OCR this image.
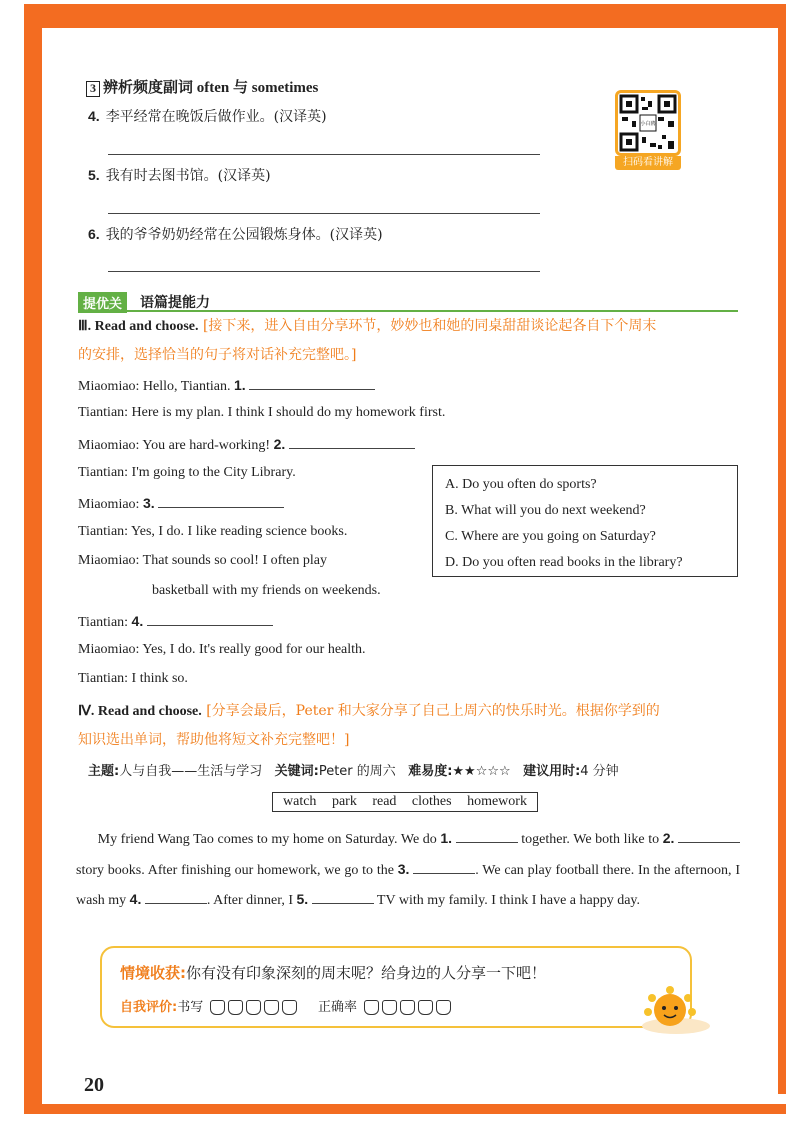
3 辨析频度副词 often 与 sometimes
4. 李平经常在晚饭后做作业。(汉译英)
5. 我有时去图书馆。(汉译英)
6. 我的爷爷奶奶经常在公园锻炼身体。(汉译英)
小白鸥
扫码看讲解
提优关	语篇提能力
Ⅲ. Read and choose. [接下来，进入自由分享环节，妙妙也和她的同桌甜甜谈论起各自下个周末
的安排，选择恰当的句子将对话补充完整吧。]
Miaomiao: Hello, Tiantian. 1.
Tiantian: Here is my plan. I think I should do my homework first.
Miaomiao: You are hard-working! 2.
Tiantian: I'm going to the City Library.
Miaomiao: 3.
Tiantian: Yes, I do. I like reading science books.
Miaomiao: That sounds so cool! I often play
basketball with my friends on weekends.
Tiantian: 4.
Miaomiao: Yes, I do. It's really good for our health.
Tiantian: I think so.
A. Do you often do sports?
B. What will you do next weekend?
C. Where are you going on Saturday?
D. Do you often read books in the library?
Ⅳ. Read and choose. [分享会最后，Peter 和大家分享了自己上周六的快乐时光。根据你学到的
知识选出单词，帮助他将短文补充完整吧！]
主题:人与自我——生活与学习 关键词:Peter 的周六 难易度:★★☆☆☆ 建议用时:4 分钟
watch park read clothes homework
My friend Wang Tao comes to my home on Saturday. We do 1.	together. We both like to 2.  story books. After finishing our homework, we go to the 3.	. We can play football there. In the afternoon, I wash my 4.	. After dinner, I 5.	TV with my family. I think I have a happy day.
情境收获:你有没有印象深刻的周末呢？给身边的人分享一下吧！
自我评价:书写	正确率
20
